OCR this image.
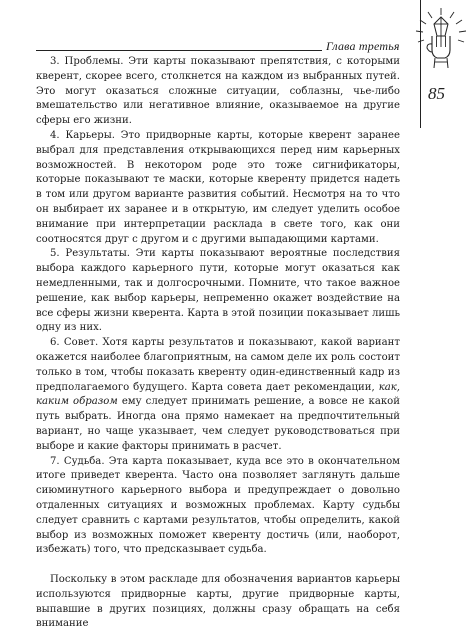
Глава третья
85

3. Проблемы. Эти карты показывают препятствия, с которыми кверент, скорее всего, столкнется на каждом из выбранных путей. Это могут оказаться сложные ситуации, соблазны, чье-либо вмешательство или негативное влияние, оказываемое на другие сферы его жизни.

4. Карьеры. Это придворные карты, которые кверент заранее выбрал для представления открывающихся перед ним карьерных возможностей. В некотором роде это тоже сигнификаторы, которые показывают те маски, которые кверенту придется надеть в том или другом варианте развития событий. Несмотря на то что он выбирает их заранее и в открытую, им следует уделить особое внимание при интерпретации расклада в свете того, как они соотносятся друг с другом и с другими выпадающими картами.

5. Результаты. Эти карты показывают вероятные последствия выбора каждого карьерного пути, которые могут оказаться как немедленными, так и долгосрочными. Помните, что такое важное решение, как выбор карьеры, непременно окажет воздействие на все сферы жизни кверента. Карта в этой позиции показывает лишь одну из них.

6. Совет. Хотя карты результатов и показывают, какой вариант окажется наиболее благоприятным, на самом деле их роль состоит только в том, чтобы показать кверенту один-единственный кадр из предполагаемого будущего. Карта совета дает рекомендации, как, каким образом ему следует принимать решение, а вовсе не какой путь выбрать. Иногда она прямо намекает на предпочтительный вариант, но чаще указывает, чем следует руководствоваться при выборе и какие факторы принимать в расчет.

7. Судьба. Эта карта показывает, куда все это в окончательном итоге приведет кверента. Часто она позволяет заглянуть дальше сиюминутного карьерного выбора и предупреждает о довольно отдаленных ситуациях и возможных проблемах. Карту судьбы следует сравнить с картами результатов, чтобы определить, какой выбор из возможных поможет кверенту достичь (или, наоборот, избежать) того, что предсказывает судьба.

Поскольку в этом раскладе для обозначения вариантов карьеры используются придворные карты, другие придворные карты, выпавшие в других позициях, должны сразу обращать на себя внимание
